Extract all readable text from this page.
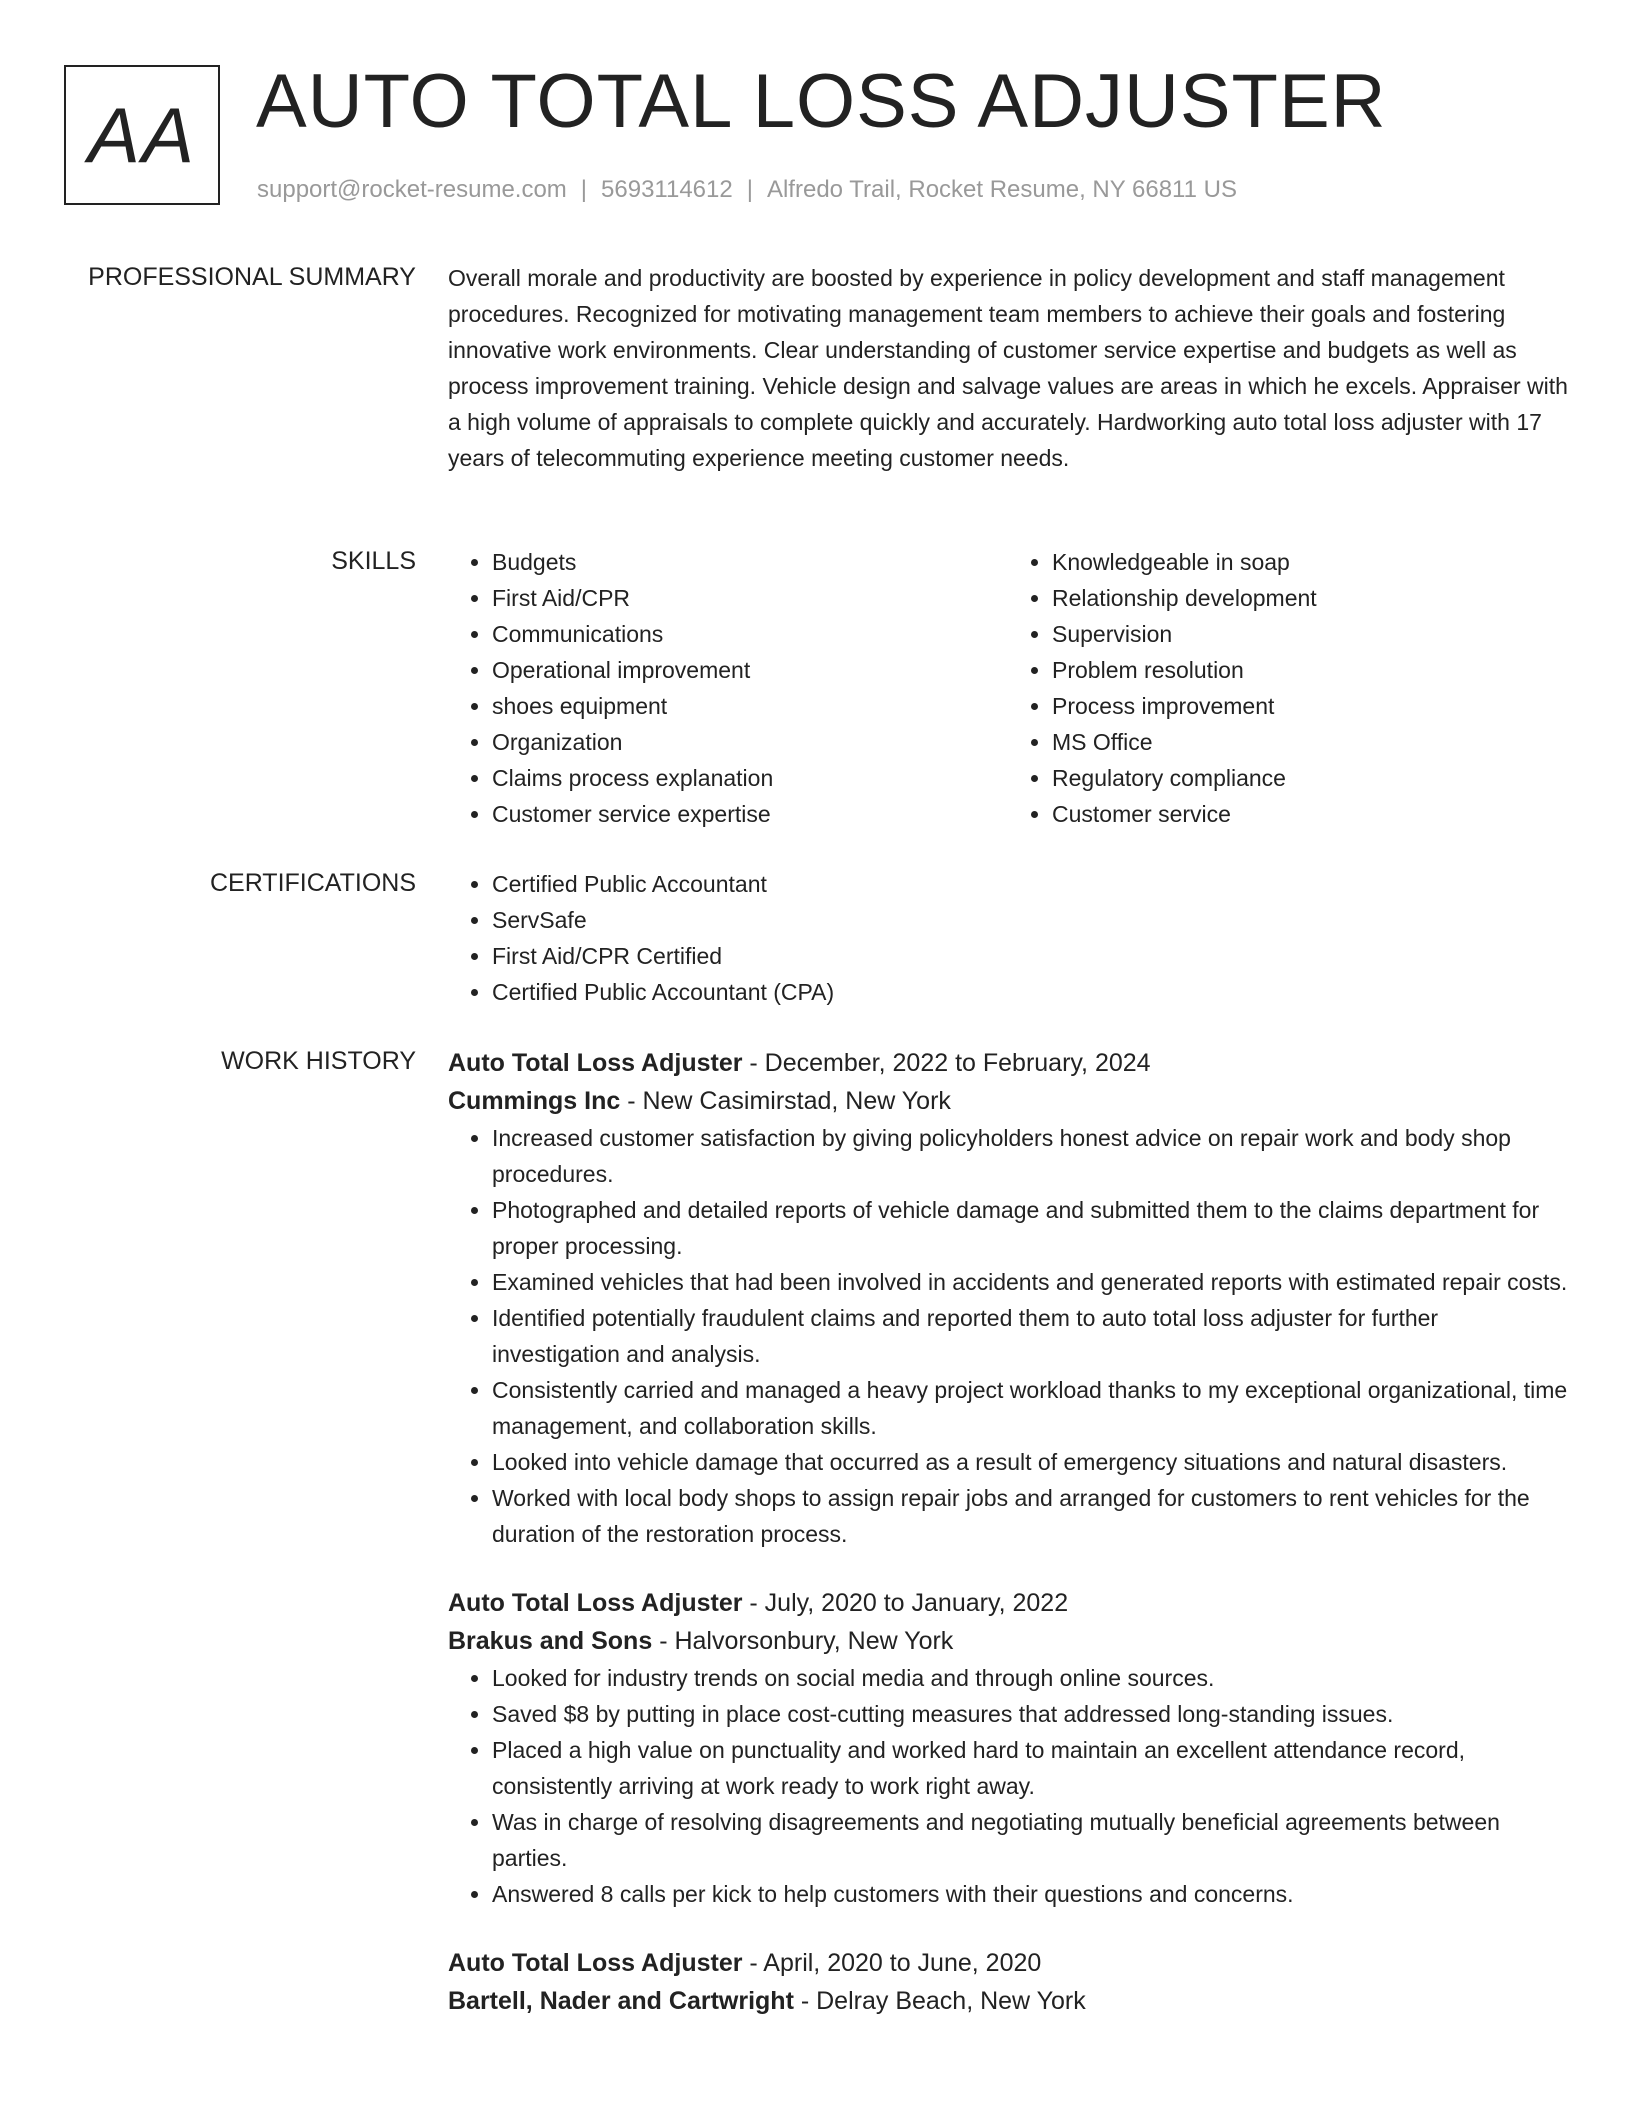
AA AUTO TOTAL LOSS ADJUSTER
support@rocket-resume.com | 5693114612 | Alfredo Trail, Rocket Resume, NY 66811 US
PROFESSIONAL SUMMARY Overall morale and productivity are boosted by experience in policy development and staff management procedures. Recognized for motivating management team members to achieve their goals and fostering innovative work environments. Clear understanding of customer service expertise and budgets as well as process improvement training. Vehicle design and salvage values are areas in which he excels. Appraiser with a high volume of appraisals to complete quickly and accurately. Hardworking auto total loss adjuster with 17 years of telecommuting experience meeting customer needs.

SKILLS	• Budgets
• First Aid/CPR
• Communications
• Operational improvement
• shoes equipment
• Organization
• Claims process explanation
• Customer service expertise
• Knowledgeable in soap
• Relationship development
• Supervision
• Problem resolution
• Process improvement
• MS Office
• Regulatory compliance
• Customer service
CERTIFICATIONS	• Certified Public Accountant
• ServSafe
• First Aid/CPR Certified
• Certified Public Accountant (CPA)
WORK HISTORY Auto Total Loss Adjuster - December, 2022 to February, 2024
Cummings Inc - New Casimirstad, New York
• Increased customer satisfaction by giving policyholders honest advice on repair work and body shop procedures.
• Photographed and detailed reports of vehicle damage and submitted them to the claims department for proper processing.
• Examined vehicles that had been involved in accidents and generated reports with estimated repair costs.
• Identified potentially fraudulent claims and reported them to auto total loss adjuster for further investigation and analysis.
• Consistently carried and managed a heavy project workload thanks to my exceptional organizational, time management, and collaboration skills.
• Looked into vehicle damage that occurred as a result of emergency situations and natural disasters.
• Worked with local body shops to assign repair jobs and arranged for customers to rent vehicles for the duration of the restoration process.
Auto Total Loss Adjuster - July, 2020 to January, 2022
Brakus and Sons - Halvorsonbury, New York
• Looked for industry trends on social media and through online sources.
• Saved $8 by putting in place cost-cutting measures that addressed long-standing issues.
• Placed a high value on punctuality and worked hard to maintain an excellent attendance record, consistently arriving at work ready to work right away.
• Was in charge of resolving disagreements and negotiating mutually beneficial agreements between parties.
• Answered 8 calls per kick to help customers with their questions and concerns.
Auto Total Loss Adjuster - April, 2020 to June, 2020
Bartell, Nader and Cartwright - Delray Beach, New York
